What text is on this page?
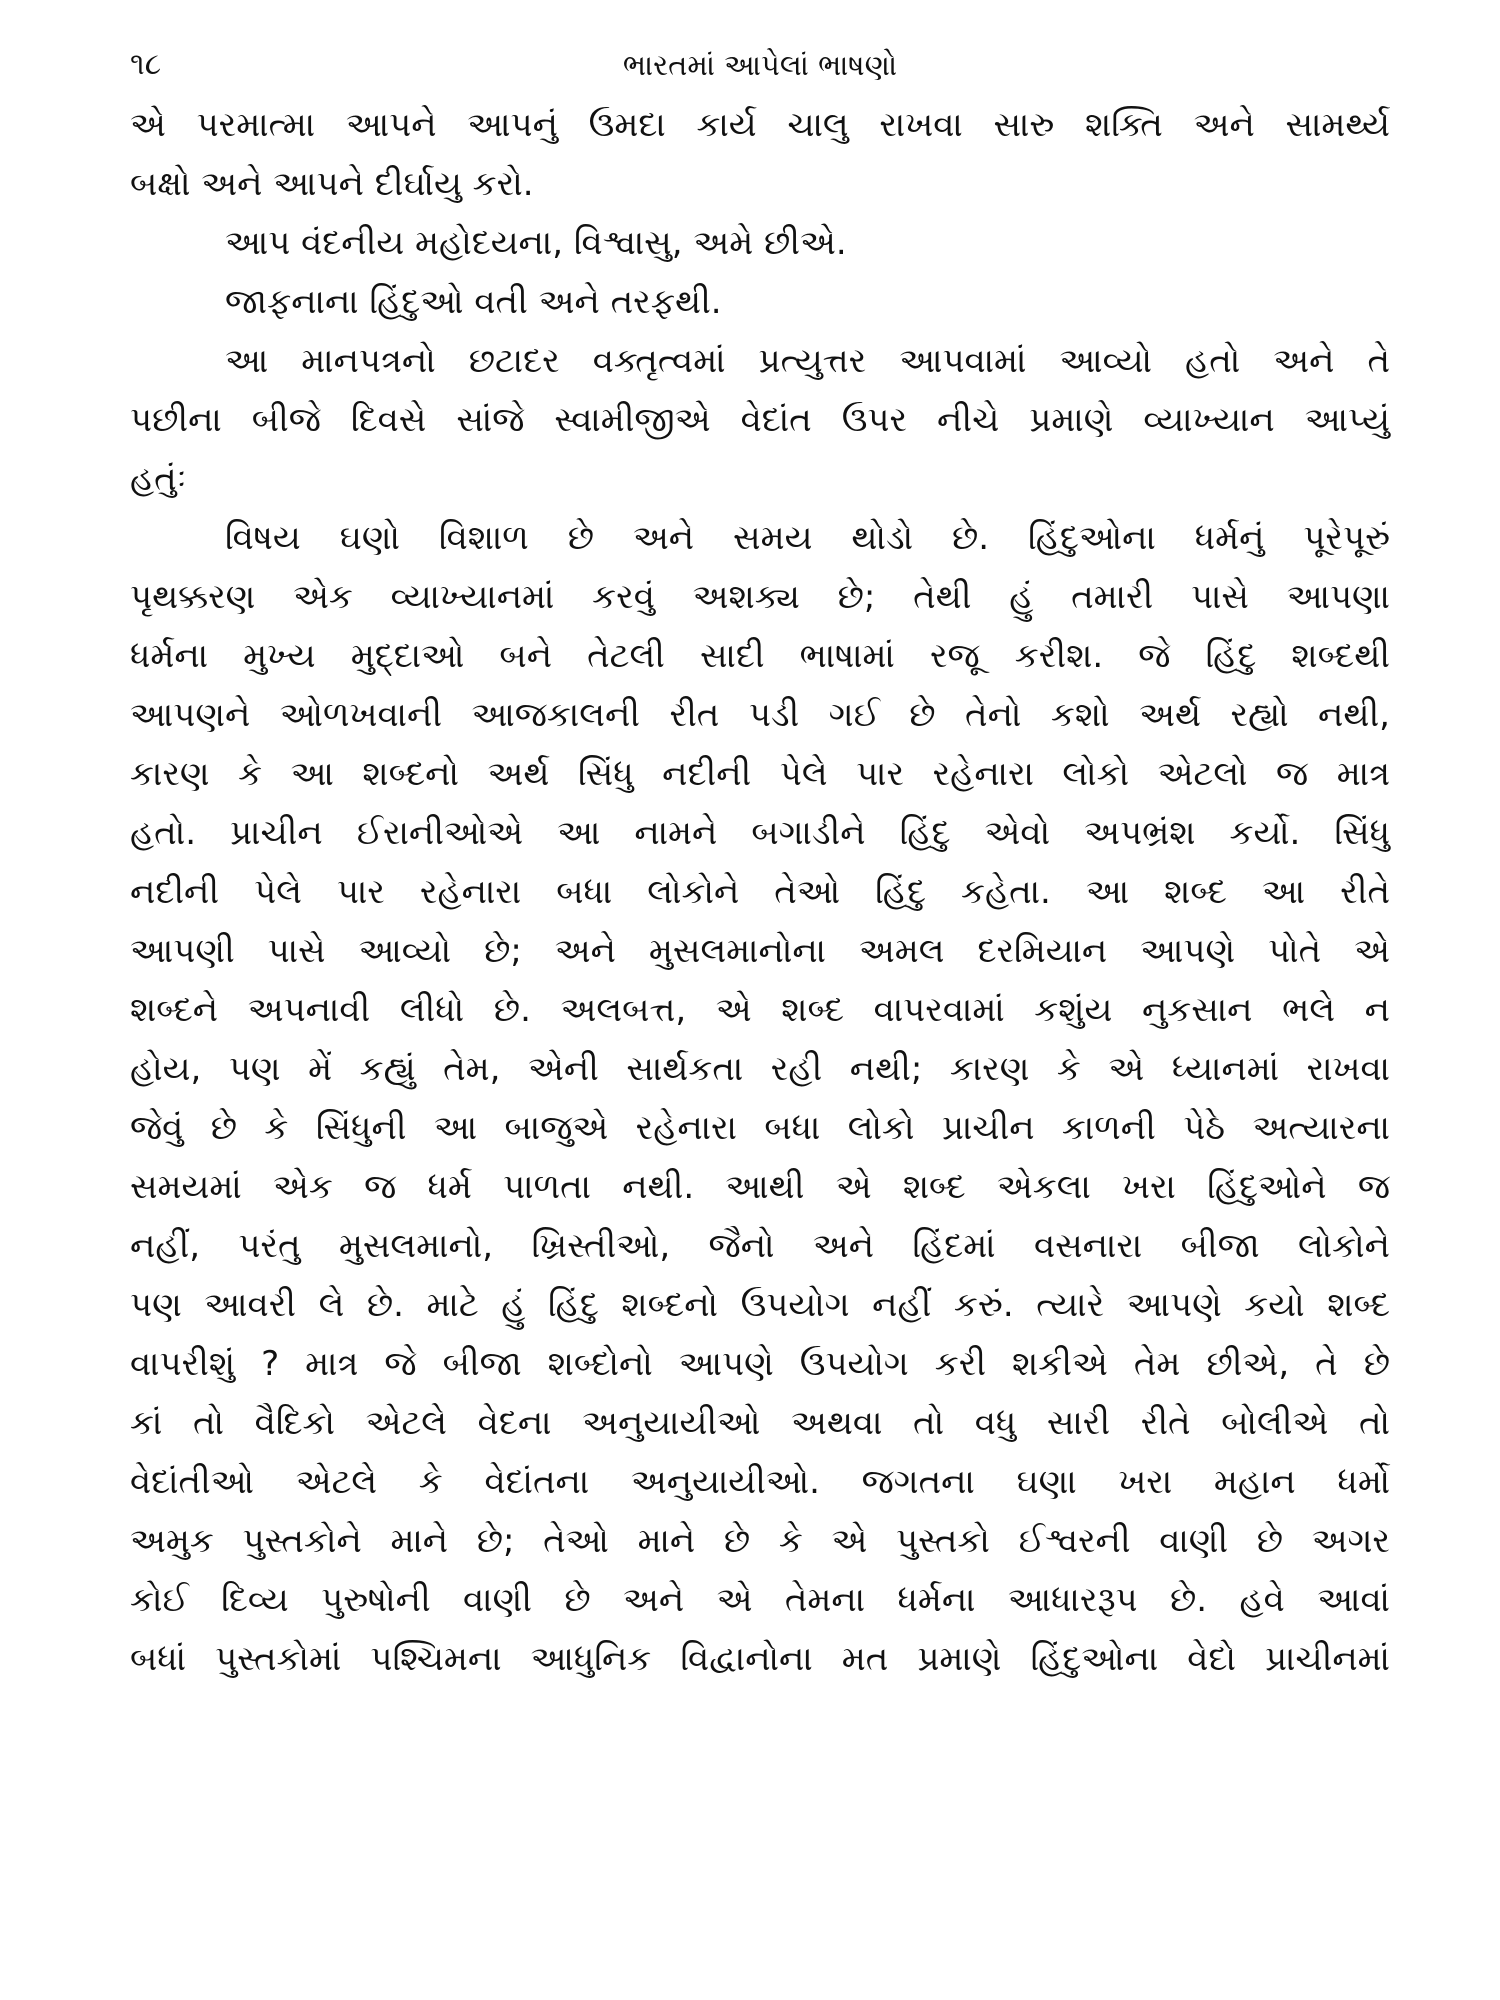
૧૮	ભારતમાં આપેલાં ભાષણો
એ પરમાત્મા આપને આપનું ઉમદા કાર્ય ચાલુ રાખવા સારુ શક્તિ અને સામર્થ્ય
બક્ષો અને આપને દીર્ઘાયુ કરો.
આપ વંદનીય મહોદયના, વિશ્વાસુ, અમે છીએ.
જાફનાના હિંદુઓ વતી અને તરફથી.
આ માનપત્રનો છટાદર વક્તૃત્વમાં પ્રત્યુત્તર આપવામાં આવ્યો હતો અને તે
પછીના બીજે દિવસે સાંજે સ્વામીજીએ વેદાંત ઉપર નીચે પ્રમાણે વ્યાખ્યાન આપ્યું
હતુંઃ
વિષય ઘણો વિશાળ છે અને સમય થોડો છે. હિંદુઓના ધર્મનું પૂરેપૂરું
પૃથક્કરણ એક વ્યાખ્યાનમાં કરવું અશક્ય છે; તેથી હું તમારી પાસે આપણા
ધર્મના મુખ્ય મુદ્દાઓ બને તેટલી સાદી ભાષામાં રજૂ કરીશ. જે હિંદુ શબ્દથી
આપણને ઓળખવાની આજકાલની રીત પડી ગઈ છે તેનો કશો અર્થ રહ્યો નથી,
કારણ કે આ શબ્દનો અર્થ સિંધુ નદીની પેલે પાર રહેનારા લોકો એટલો જ માત્ર
હતો. પ્રાચીન ઈરાનીઓએ આ નામને બગાડીને હિંદુ એવો અપભ્રંશ કર્યો. સિંધુ
નદીની પેલે પાર રહેનારા બધા લોકોને તેઓ હિંદુ કહેતા. આ શબ્દ આ રીતે
આપણી પાસે આવ્યો છે; અને મુસલમાનોના અમલ દરમિયાન આપણે પોતે એ
શબ્દને અપનાવી લીધો છે. અલબત્ત, એ શબ્દ વાપરવામાં કશુંય નુકસાન ભલે ન
હોય, પણ મેં કહ્યું તેમ, એની સાર્થકતા રહી નથી; કારણ કે એ ધ્યાનમાં રાખવા
જેવું છે કે સિંધુની આ બાજુએ રહેનારા બધા લોકો પ્રાચીન કાળની પેઠે અત્યારના
સમયમાં એક જ ધર્મ પાળતા નથી. આથી એ શબ્દ એકલા ખરા હિંદુઓને જ
નહીં, પરંતુ મુસલમાનો, ખ્રિસ્તીઓ, જૈનો અને હિંદમાં વસનારા બીજા લોકોને
પણ આવરી લે છે. માટે હું હિંદુ શબ્દનો ઉપયોગ નહીં કરું. ત્યારે આપણે કયો શબ્દ
વાપરીશું ? માત્ર જે બીજા શબ્દોનો આપણે ઉપયોગ કરી શકીએ તેમ છીએ, તે છે
કાં તો વૈદિકો એટલે વેદના અનુયાયીઓ અથવા તો વધુ સારી રીતે બોલીએ તો
વેદાંતીઓ એટલે કે વેદાંતના અનુયાયીઓ. જગતના ઘણા ખરા મહાન ધર્મો
અમુક પુસ્તકોને માને છે; તેઓ માને છે કે એ પુસ્તકો ઈશ્વરની વાણી છે અગર
કોઈ દિવ્ય પુરુષોની વાણી છે અને એ તેમના ધર્મના આધારરૂપ છે. હવે આવાં
બધાં પુસ્તકોમાં પશ્ચિમના આધુનિક વિદ્વાનોના મત પ્રમાણે હિંદુઓના વેદો પ્રાચીનમાં
